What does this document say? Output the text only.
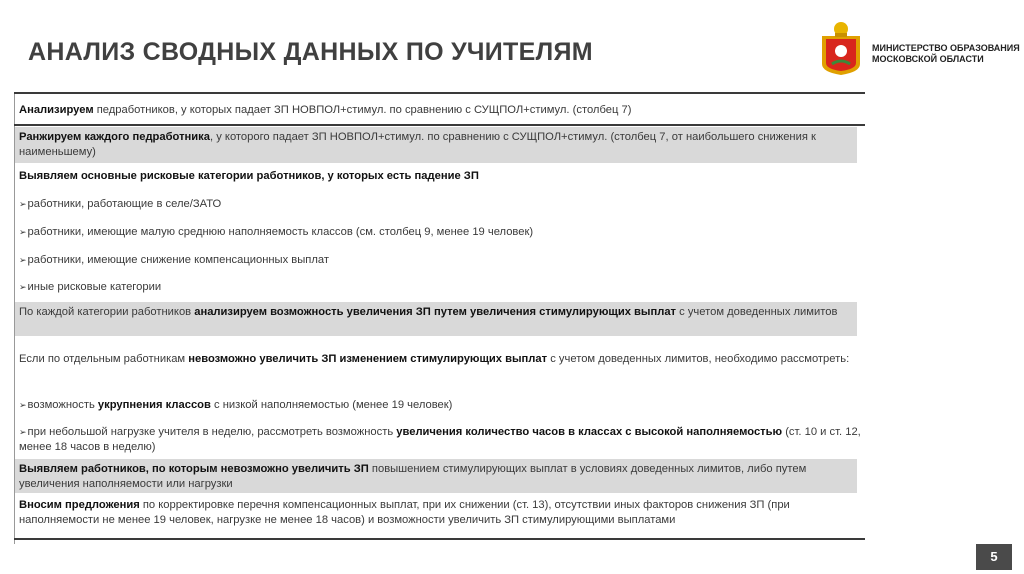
АНАЛИЗ СВОДНЫХ ДАННЫХ ПО УЧИТЕЛЯМ	МИНИСТЕРСТВО ОБРАЗОВАНИЯ
МОСКОВСКОЙ ОБЛАСТИ
Анализируем педработников, у которых падает ЗП НОВПОЛ+стимул. по сравнению с СУЩПОЛ+стимул. (столбец 7)
Ранжируем каждого педработника, у которого падает ЗП НОВПОЛ+стимул. по сравнению с СУЩПОЛ+стимул. (столбец 7, от наибольшего снижения к наименьшему)
Выявляем основные рисковые категории работников, у которых есть падение ЗП
➢ работники, работающие в селе/ЗАТО
➢ работники, имеющие малую среднюю наполняемость классов (см. столбец 9, менее 19 человек)
➢ работники, имеющие снижение компенсационных выплат
➢ иные рисковые категории
По каждой категории работников анализируем возможность увеличения ЗП путем увеличения стимулирующих выплат с учетом доведенных лимитов
Если по отдельным работникам невозможно увеличить ЗП изменением стимулирующих выплат с учетом доведенных лимитов, необходимо рассмотреть:
➢ возможность укрупнения классов с низкой наполняемостью (менее 19 человек)
➢ при небольшой нагрузке учителя в неделю, рассмотреть возможность увеличения количество часов в классах с высокой наполняемостью (ст. 10 и ст. 12, менее 18 часов в неделю)
Выявляем работников, по которым невозможно увеличить ЗП повышением стимулирующих выплат в условиях доведенных лимитов, либо путем увеличения наполняемости или нагрузки
Вносим предложения по корректировке перечня компенсационных выплат, при их снижении (ст. 13), отсутствии иных факторов снижения ЗП (при наполняемости не менее 19 человек, нагрузке не менее 18 часов) и возможности увеличить ЗП стимулирующими выплатами
5
